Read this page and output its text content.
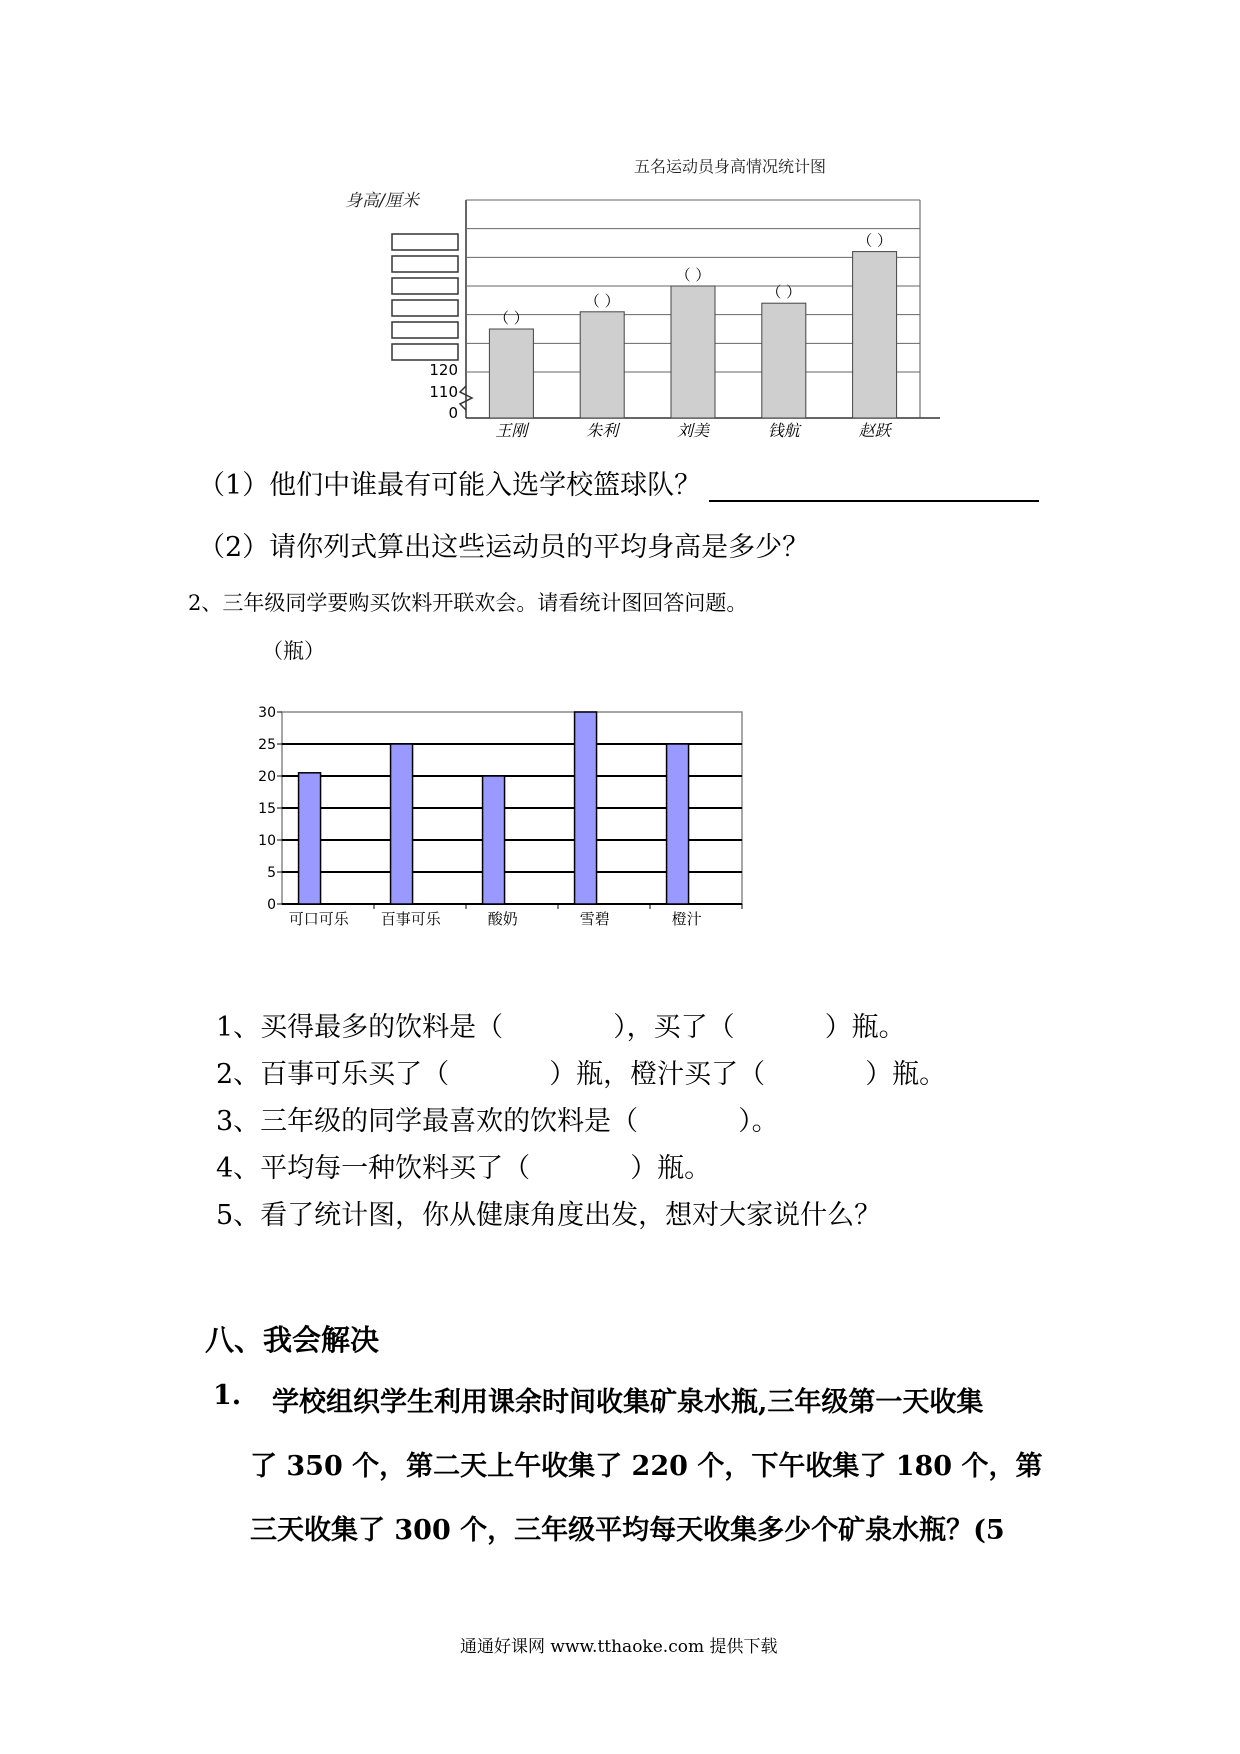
五名运动员身高情况统计图
身高/厘米
120
110
0
（ ）
（ ）
（ ）
（ ）
（ ）
王刚	朱利	刘美	钱航	赵跃
（1）他们中谁最有可能入选学校篮球队？
（2）请你列式算出这些运动员的平均身高是多少？
2、三年级同学要购买饮料开联欢会。请看统计图回答问题。
（瓶）
0
5
10
15
20
25
30
可口可乐 百事可乐	酸奶	雪碧	橙汁
1、买得最多的饮料是（	），买了（	）瓶。
2、百事可乐买了（	）瓶，橙汁买了（	）瓶。
3、三年级的同学最喜欢的饮料是（	）。
4、平均每一种饮料买了（	）瓶。
5、看了统计图，你从健康角度出发，想对大家说什么？
八、我会解决
1. 学校组织学生利用课余时间收集矿泉水瓶,三年级第一天收集
了 350 个，第二天上午收集了 220 个，下午收集了 180 个，第
三天收集了 300 个，三年级平均每天收集多少个矿泉水瓶？(5
通通好课网 www.tthaoke.com 提供下载
